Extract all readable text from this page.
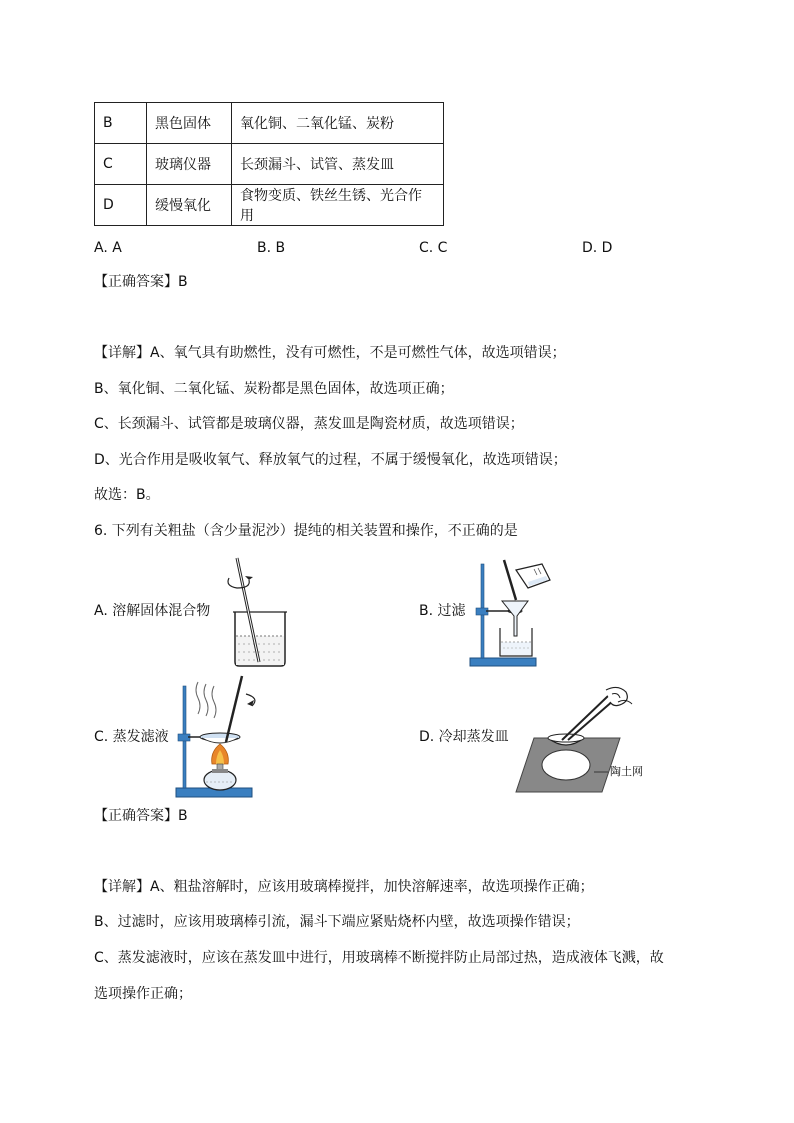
B	黑色固体	氧化铜、二氧化锰、炭粉
C	玻璃仪器	长颈漏斗、试管、蒸发皿
D	缓慢氧化	食物变质、铁丝生锈、光合作用
A. A	B. B	C. C	D. D
【正确答案】B
【详解】A、氧气具有助燃性，没有可燃性，不是可燃性气体，故选项错误；
B、氧化铜、二氧化锰、炭粉都是黑色固体，故选项正确；
C、长颈漏斗、试管都是玻璃仪器，蒸发皿是陶瓷材质，故选项错误；
D、光合作用是吸收氧气、释放氧气的过程，不属于缓慢氧化，故选项错误；
故选：B。
6. 下列有关粗盐（含少量泥沙）提纯的相关装置和操作，不正确的是
A. 溶解固体混合物	B. 过滤
C. 蒸发滤液	D. 冷却蒸发皿
陶土网
【正确答案】B
【详解】A、粗盐溶解时，应该用玻璃棒搅拌，加快溶解速率，故选项操作正确；
B、过滤时，应该用玻璃棒引流，漏斗下端应紧贴烧杯内壁，故选项操作错误；
C、蒸发滤液时，应该在蒸发皿中进行，用玻璃棒不断搅拌防止局部过热，造成液体飞溅，故
选项操作正确；
